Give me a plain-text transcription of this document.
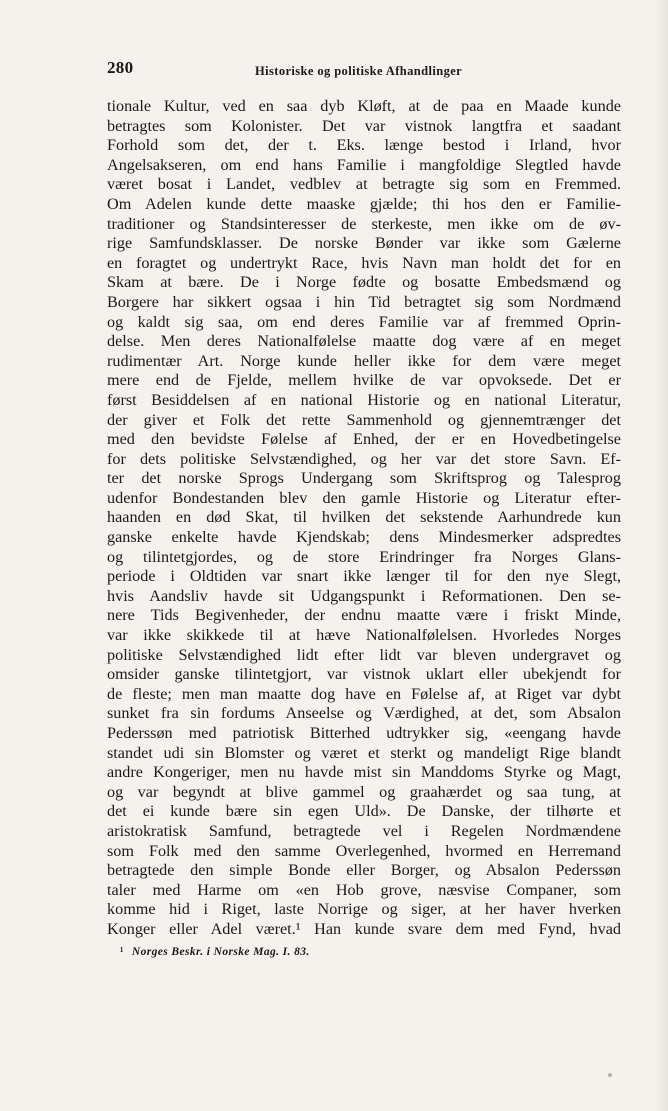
280	Historiske og politiske Afhandlinger
tionale Kultur, ved en saa dyb Kløft, at de paa en Maade kunde
betragtes som Kolonister. Det var vistnok langtfra et saadant
Forhold som det, der t. Eks. længe bestod i Irland, hvor
Angelsakseren, om end hans Familie i mangfoldige Slegtled havde
været bosat i Landet, vedblev at betragte sig som en Fremmed.
Om Adelen kunde dette maaske gjælde; thi hos den er Familie-
traditioner og Standsinteresser de sterkeste, men ikke om de øv-
rige Samfundsklasser. De norske Bønder var ikke som Gælerne
en foragtet og undertrykt Race, hvis Navn man holdt det for en
Skam at bære. De i Norge fødte og bosatte Embedsmænd og
Borgere har sikkert ogsaa i hin Tid betragtet sig som Nordmænd
og kaldt sig saa, om end deres Familie var af fremmed Oprin-
delse. Men deres Nationalfølelse maatte dog være af en meget
rudimentær Art. Norge kunde heller ikke for dem være meget
mere end de Fjelde, mellem hvilke de var opvoksede. Det er
først Besiddelsen af en national Historie og en national Literatur,
der giver et Folk det rette Sammenhold og gjennemtrænger det
med den bevidste Følelse af Enhed, der er en Hovedbetingelse
for dets politiske Selvstændighed, og her var det store Savn. Ef-
ter det norske Sprogs Undergang som Skriftsprog og Talesprog
udenfor Bondestanden blev den gamle Historie og Literatur efter-
haanden en død Skat, til hvilken det sekstende Aarhundrede kun
ganske enkelte havde Kjendskab; dens Mindesmerker adspredtes
og tilintetgjordes, og de store Erindringer fra Norges Glans-
periode i Oldtiden var snart ikke længer til for den nye Slegt,
hvis Aandsliv havde sit Udgangspunkt i Reformationen. Den se-
nere Tids Begivenheder, der endnu maatte være i friskt Minde,
var ikke skikkede til at hæve Nationalfølelsen. Hvorledes Norges
politiske Selvstændighed lidt efter lidt var bleven undergravet og
omsider ganske tilintetgjort, var vistnok uklart eller ubekjendt for
de fleste; men man maatte dog have en Følelse af, at Riget var dybt
sunket fra sin fordums Anseelse og Værdighed, at det, som Absalon
Pederssøn med patriotisk Bitterhed udtrykker sig, «eengang havde
standet udi sin Blomster og været et sterkt og mandeligt Rige blandt
andre Kongeriger, men nu havde mist sin Manddoms Styrke og Magt,
og var begyndt at blive gammel og graahærdet og saa tung, at
det ei kunde bære sin egen Uld». De Danske, der tilhørte et
aristokratisk Samfund, betragtede vel i Regelen Nordmændene
som Folk med den samme Overlegenhed, hvormed en Herremand
betragtede den simple Bonde eller Borger, og Absalon Pederssøn
taler med Harme om «en Hob grove, næsvise Companer, som
komme hid i Riget, laste Norrige og siger, at her haver hverken
Konger eller Adel været.¹ Han kunde svare dem med Fynd, hvad
¹ Norges Beskr. i Norske Mag. I. 83.
